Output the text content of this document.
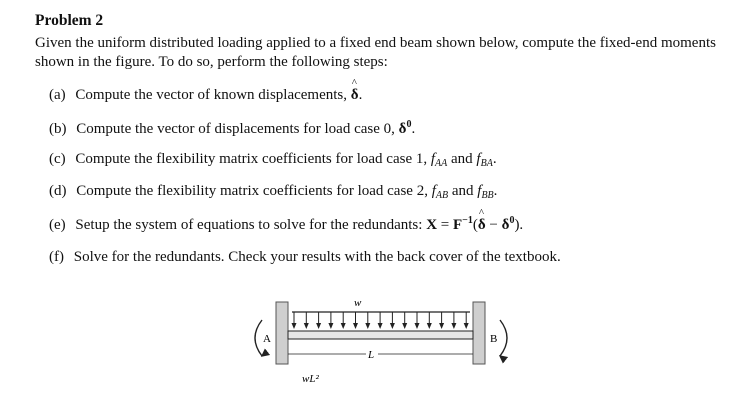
Problem 2
Given the uniform distributed loading applied to a fixed end beam shown below, compute the fixed-end moments shown in the figure. To do so, perform the following steps:
(a) Compute the vector of known displacements, ^ δ.
(b) Compute the vector of displacements for load case 0, $\delta^0$.
(c) Compute the flexibility matrix coefficients for load case 1, $f_{AA}$ and $f_{BA}$.
(d) Compute the flexibility matrix coefficients for load case 2, $f_{AB}$ and $f_{BB}$.
(e) Setup the system of equations to solve for the redundants: $X = F^{-1}(\^{}$ $\delta - \delta^0$).
(f) Solve for the redundants. Check your results with the back cover of the textbook.
w
A	B
L
wL²
